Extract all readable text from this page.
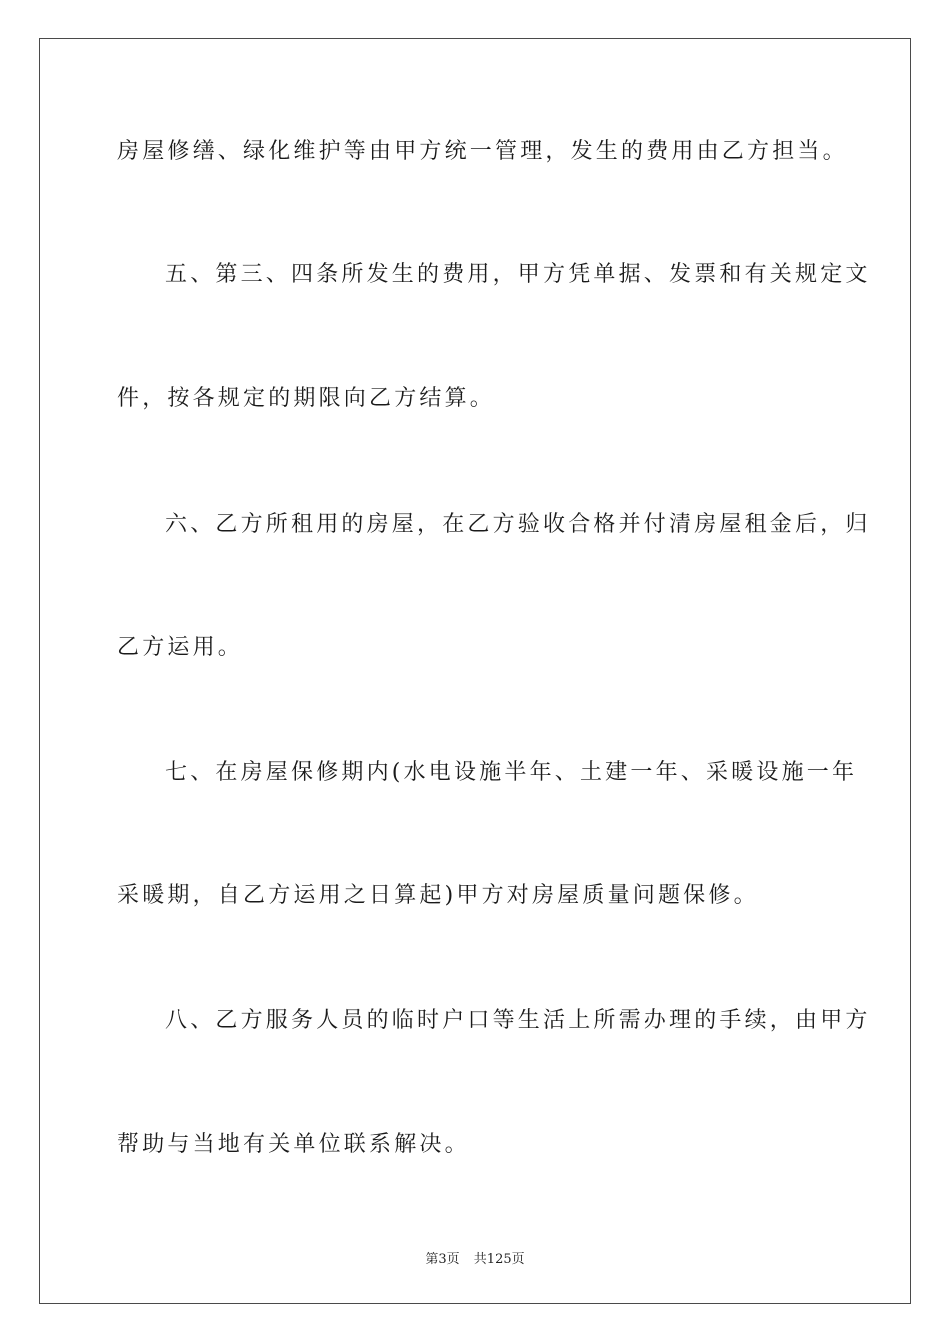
房屋修缮、绿化维护等由甲方统一管理，发生的费用由乙方担当。
五、第三、四条所发生的费用，甲方凭单据、发票和有关规定文
件，按各规定的期限向乙方结算。
六、乙方所租用的房屋，在乙方验收合格并付清房屋租金后，归
乙方运用。
七、在房屋保修期内(水电设施半年、土建一年、采暖设施一年
采暖期，自乙方运用之日算起)甲方对房屋质量问题保修。
八、乙方服务人员的临时户口等生活上所需办理的手续，由甲方
帮助与当地有关单位联系解决。
第3页 共125页
